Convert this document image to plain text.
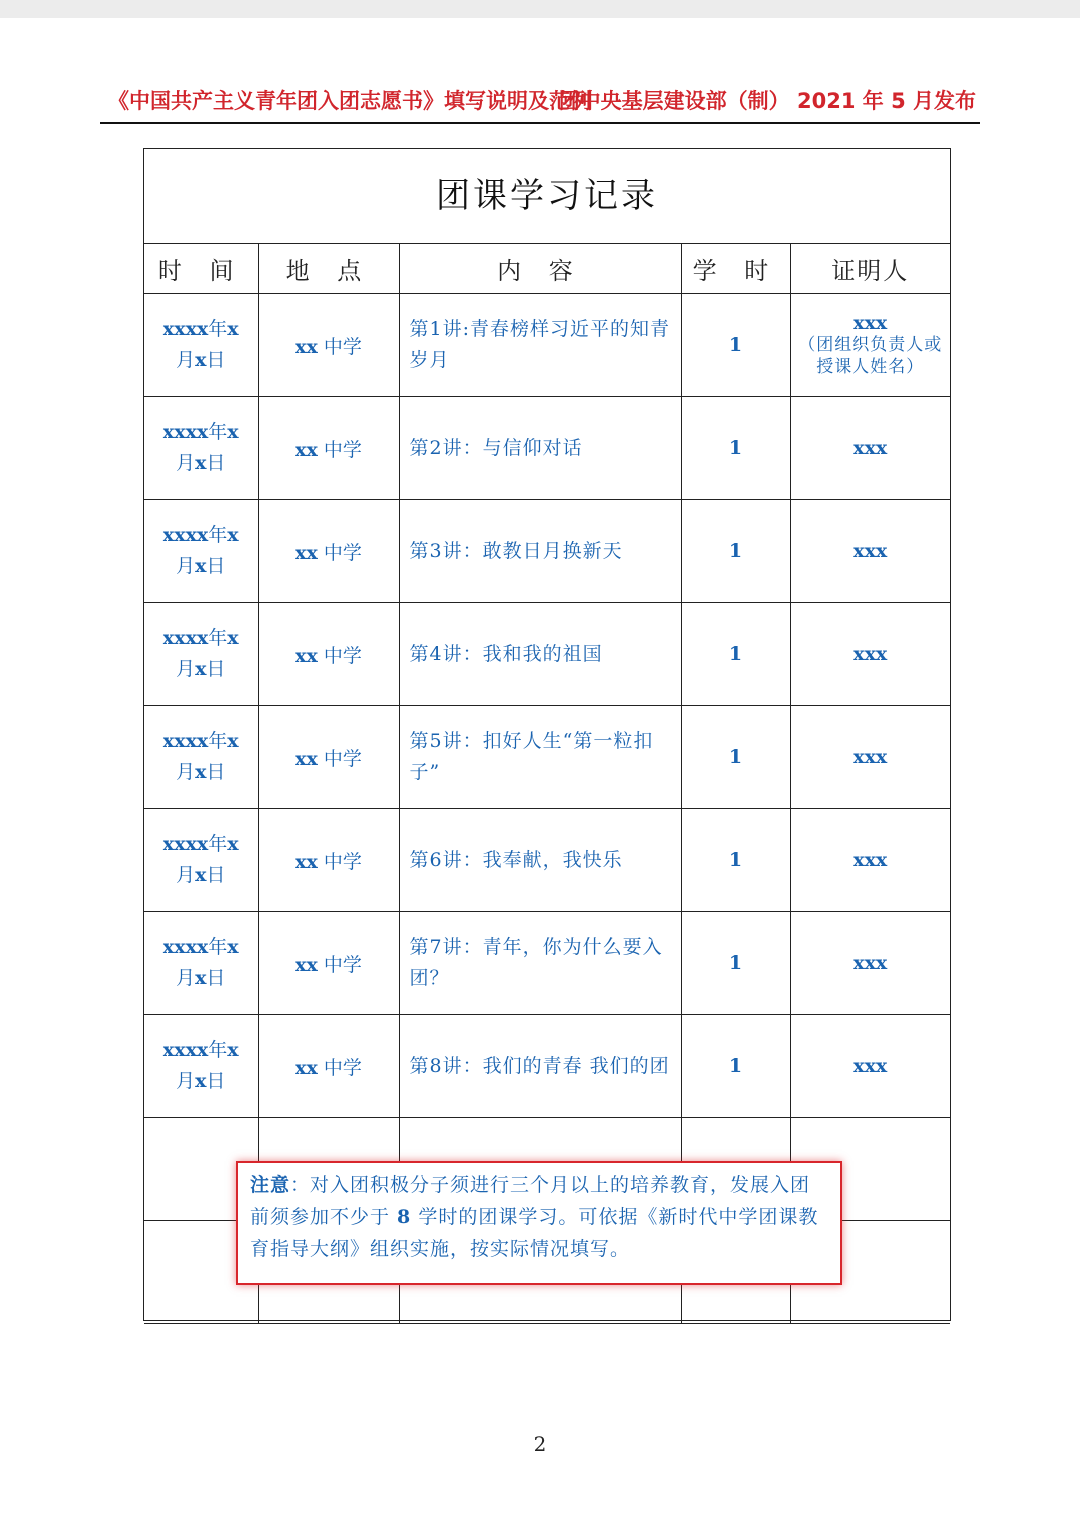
《中国共产主义青年团入团志愿书》填写说明及范例
团中央基层建设部（制） 2021 年 5 月发布
团课学习记录
时 间	地 点	内 容	学 时	证明人
xxxx年x
月x日	xx 中学	第1讲:青春榜样习近平的知青岁月	1	xxx
（团组织负责人或授课人姓名）

xxxx年x
月x日	xx 中学	第2讲：与信仰对话	1	xxx
xxxx年x
月x日	xx 中学	第3讲：敢教日月换新天	1	xxx
xxxx年x
月x日	xx 中学	第4讲：我和我的祖国	1	xxx
xxxx年x
月x日	xx 中学	第5讲：扣好人生“第一粒扣子”	1	xxx
xxxx年x
月x日	xx 中学	第6讲：我奉献，我快乐	1	xxx
xxxx年x
月x日	xx 中学	第7讲：青年，你为什么要入团？	1	xxx
xxxx年x
月x日	xx 中学	第8讲：我们的青春 我们的团	1	xxx

注意：对入团积极分子须进行三个月以上的培养教育，发展入团前须参加不少于 8 学时的团课学习。可依据《新时代中学团课教育指导大纲》组织实施，按实际情况填写。
2
